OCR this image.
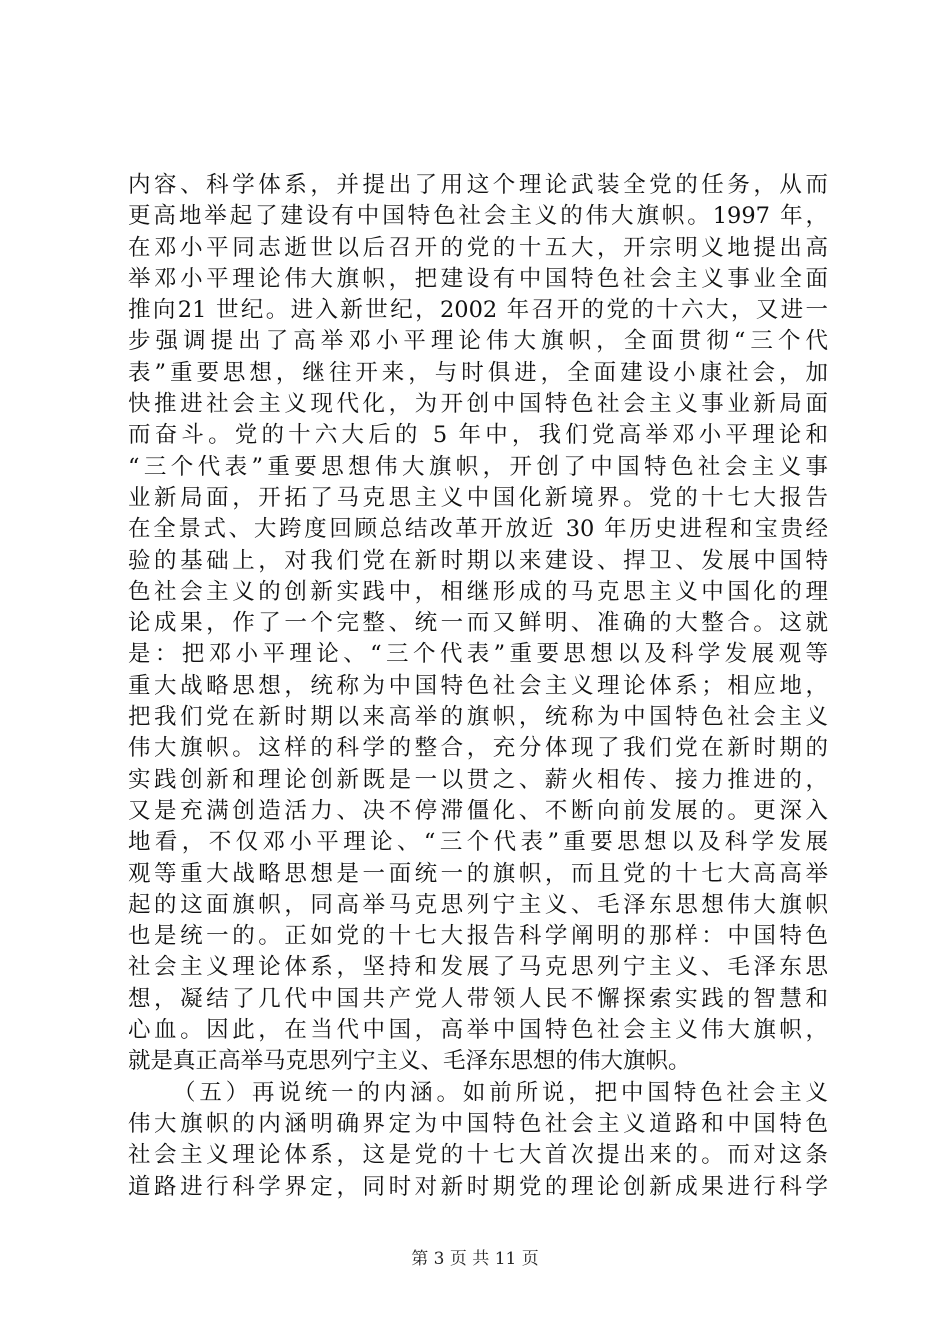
内容、科学体系，并提出了用这个理论武装全党的任务，从而
更高地举起了建设有中国特色社会主义的伟大旗帜。1997 年，
在邓小平同志逝世以后召开的党的十五大，开宗明义地提出高
举邓小平理论伟大旗帜，把建设有中国特色社会主义事业全面
推向21 世纪。进入新世纪，2002 年召开的党的十六大，又进一
步强调提出了高举邓小平理论伟大旗帜，全面贯彻“三个代
表”重要思想，继往开来，与时俱进，全面建设小康社会，加
快推进社会主义现代化，为开创中国特色社会主义事业新局面
而奋斗。党的十六大后的 5 年中，我们党高举邓小平理论和
“三个代表”重要思想伟大旗帜，开创了中国特色社会主义事
业新局面，开拓了马克思主义中国化新境界。党的十七大报告
在全景式、大跨度回顾总结改革开放近 30 年历史进程和宝贵经
验的基础上，对我们党在新时期以来建设、捍卫、发展中国特
色社会主义的创新实践中，相继形成的马克思主义中国化的理
论成果，作了一个完整、统一而又鲜明、准确的大整合。这就
是：把邓小平理论、“三个代表”重要思想以及科学发展观等
重大战略思想，统称为中国特色社会主义理论体系；相应地，
把我们党在新时期以来高举的旗帜，统称为中国特色社会主义
伟大旗帜。这样的科学的整合，充分体现了我们党在新时期的
实践创新和理论创新既是一以贯之、薪火相传、接力推进的，
又是充满创造活力、决不停滞僵化、不断向前发展的。更深入
地看，不仅邓小平理论、“三个代表”重要思想以及科学发展
观等重大战略思想是一面统一的旗帜，而且党的十七大高高举
起的这面旗帜，同高举马克思列宁主义、毛泽东思想伟大旗帜
也是统一的。正如党的十七大报告科学阐明的那样：中国特色
社会主义理论体系，坚持和发展了马克思列宁主义、毛泽东思
想，凝结了几代中国共产党人带领人民不懈探索实践的智慧和
心血。因此，在当代中国，高举中国特色社会主义伟大旗帜，
就是真正高举马克思列宁主义、毛泽东思想的伟大旗帜。
（五）再说统一的内涵。如前所说，把中国特色社会主义
伟大旗帜的内涵明确界定为中国特色社会主义道路和中国特色
社会主义理论体系，这是党的十七大首次提出来的。而对这条
道路进行科学界定，同时对新时期党的理论创新成果进行科学
第 3 页 共 11 页
